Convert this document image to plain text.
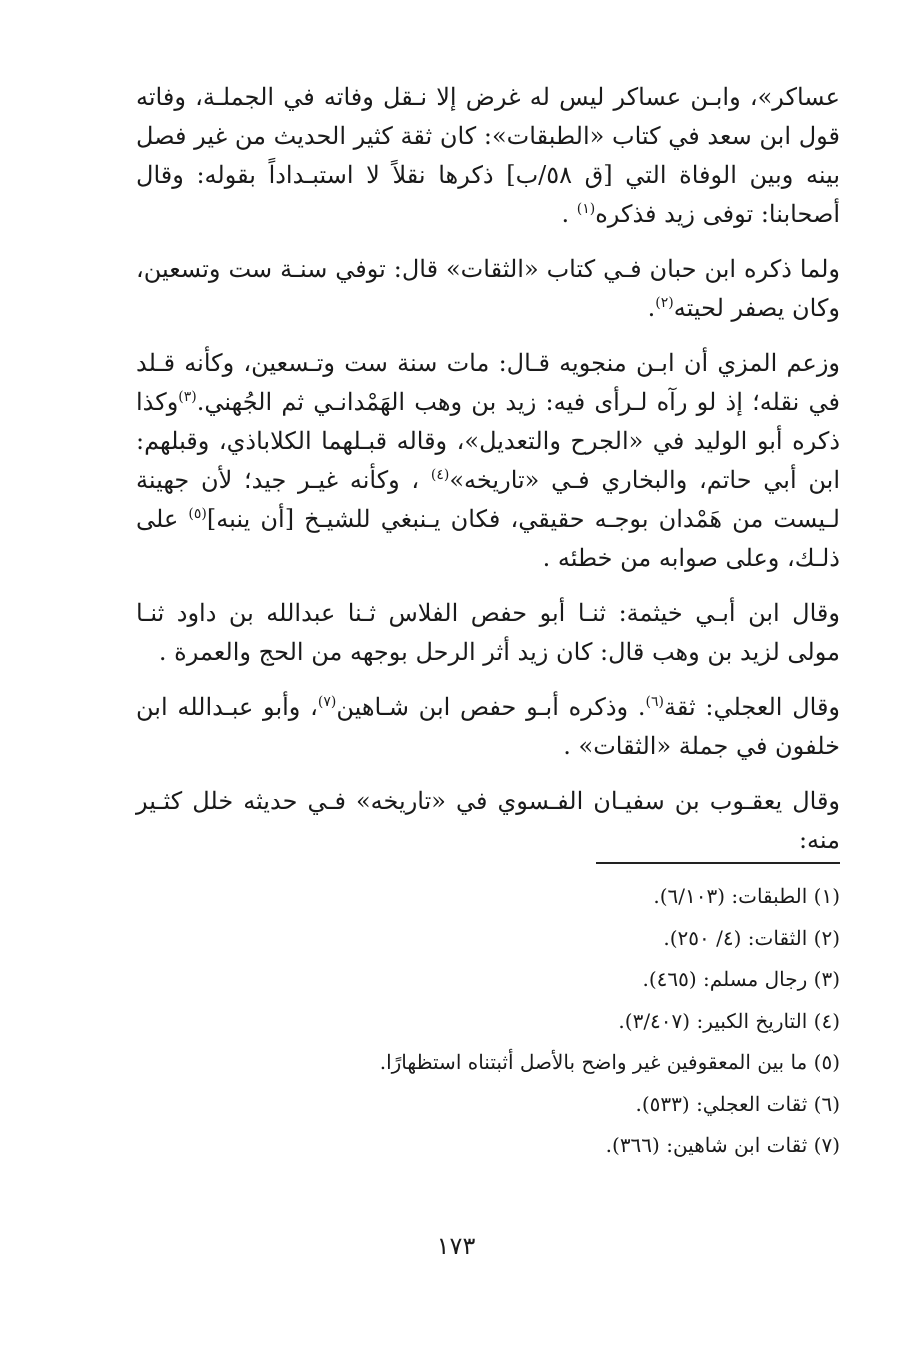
عساكر»، وابـن عساكر ليس له غرض إلا نـقل وفاته في الجملـة، وفاته قول ابن سعد في كتاب «الطبقات»: كان ثقة كثير الحديث من غير فصل بينه وبين الوفاة التي [ق ٥٨/ب] ذكرها نقلاً لا استبـداداً بقوله: وقال أصحابنا: توفى زيد فذكره$^{(١)}$ .

ولما ذكره ابن حبان فـي كتاب «الثقات» قال: توفي سنـة ست وتسعين، وكان يصفر لحيته$^{(٢)}$.

وزعم المزي أن ابـن منجويه قـال: مات سنة ست وتـسعين، وكأنه قـلد في نقله؛ إذ لو رآه لـرأى فيه: زيد بن وهب الهَمْدانـي ثم الجُهني.$^{(٣)}$وكذا ذكره أبو الوليد في «الجرح والتعديل»، وقاله قبـلهما الكلاباذي، وقبلهم: ابن أبي حاتم، والبخاري فـي «تاريخه»$^{(٤)}$ ، وكأنه غيـر جيد؛ لأن جهينة لـيست من هَمْدان بوجـه حقيقي، فكان يـنبغي للشيـخ [أن ينبه]$^{(٥)}$ على ذلـك، وعلى صوابه من خطئه .

وقال ابن أبـي خيثمة: ثنـا أبو حفص الفلاس ثـنا عبدالله بن داود ثنـا مولى لزيد بن وهب قال: كان زيد أثر الرحل بوجهه من الحج والعمرة .

وقال العجلي: ثقة$^{(٦)}$. وذكره أبـو حفص ابن شـاهين$^{(٧)}$، وأبو عبـدالله ابن خلفون في جملة «الثقات» .

وقال يعقـوب بن سفيـان الفـسوي في «تاريخه» فـي حديثه خلل كثـير منه:

(١) الطبقات: (٦/١٠٣).

(٢) الثقات: (٤/ ٢٥٠).

(٣) رجال مسلم: (٤٦٥).

(٤) التاريخ الكبير: (٣/٤٠٧).

(٥) ما بين المعقوفين غير واضح بالأصل أثبتناه استظهارًا.

(٦) ثقات العجلي: (٥٣٣).

(٧) ثقات ابن شاهين: (٣٦٦).

١٧٣
